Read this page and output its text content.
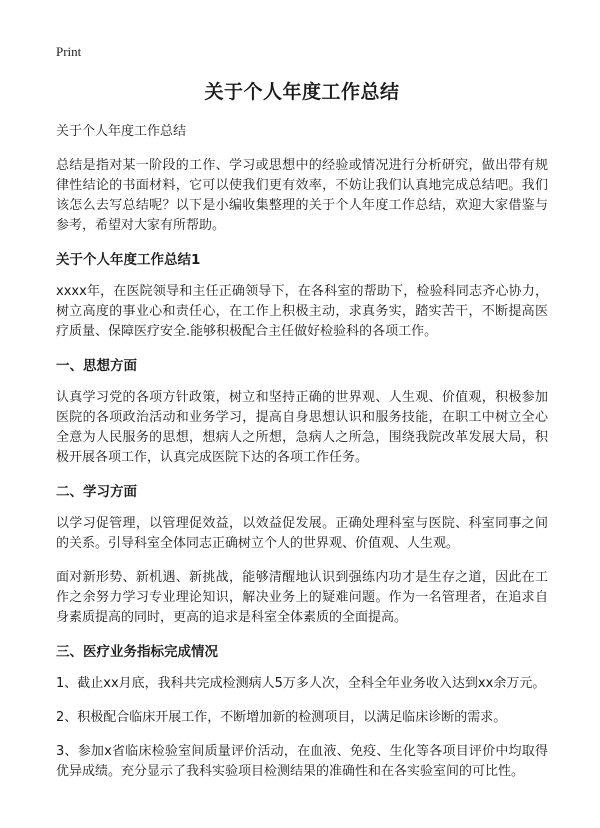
Print
关于个人年度工作总结
关于个人年度工作总结

总结是指对某一阶段的工作、学习或思想中的经验或情况进行分析研究，做出带有规律性结论的书面材料，它可以使我们更有效率，不妨让我们认真地完成总结吧。我们该怎么去写总结呢？以下是小编收集整理的关于个人年度工作总结，欢迎大家借鉴与参考，希望对大家有所帮助。

关于个人年度工作总结1

xxxx年，在医院领导和主任正确领导下，在各科室的帮助下，检验科同志齐心协力，树立高度的事业心和责任心，在工作上积极主动，求真务实，踏实苦干，不断提高医疗质量、保障医疗安全.能够积极配合主任做好检验科的各项工作。

一、思想方面

认真学习党的各项方针政策，树立和坚持正确的世界观、人生观、价值观，积极参加医院的各项政治活动和业务学习，提高自身思想认识和服务技能，在职工中树立全心全意为人民服务的思想，想病人之所想，急病人之所急，围绕我院改革发展大局，积极开展各项工作，认真完成医院下达的各项工作任务。

二、学习方面

以学习促管理，以管理促效益，以效益促发展。正确处理科室与医院、科室同事之间的关系。引导科室全体同志正确树立个人的世界观、价值观、人生观。

面对新形势、新机遇、新挑战，能够清醒地认识到强练内功才是生存之道，因此在工作之余努力学习专业理论知识，解决业务上的疑难问题。作为一名管理者，在追求自身素质提高的同时，更高的追求是科室全体素质的全面提高。

三、医疗业务指标完成情况

1、截止xx月底，我科共完成检测病人5万多人次，全科全年业务收入达到xx余万元。

2、积极配合临床开展工作，不断增加新的检测项目，以满足临床诊断的需求。

3、参加x省临床检验室间质量评价活动，在血液、免疫、生化等各项目评价中均取得优异成绩。充分显示了我科实验项目检测结果的准确性和在各实验室间的可比性。
